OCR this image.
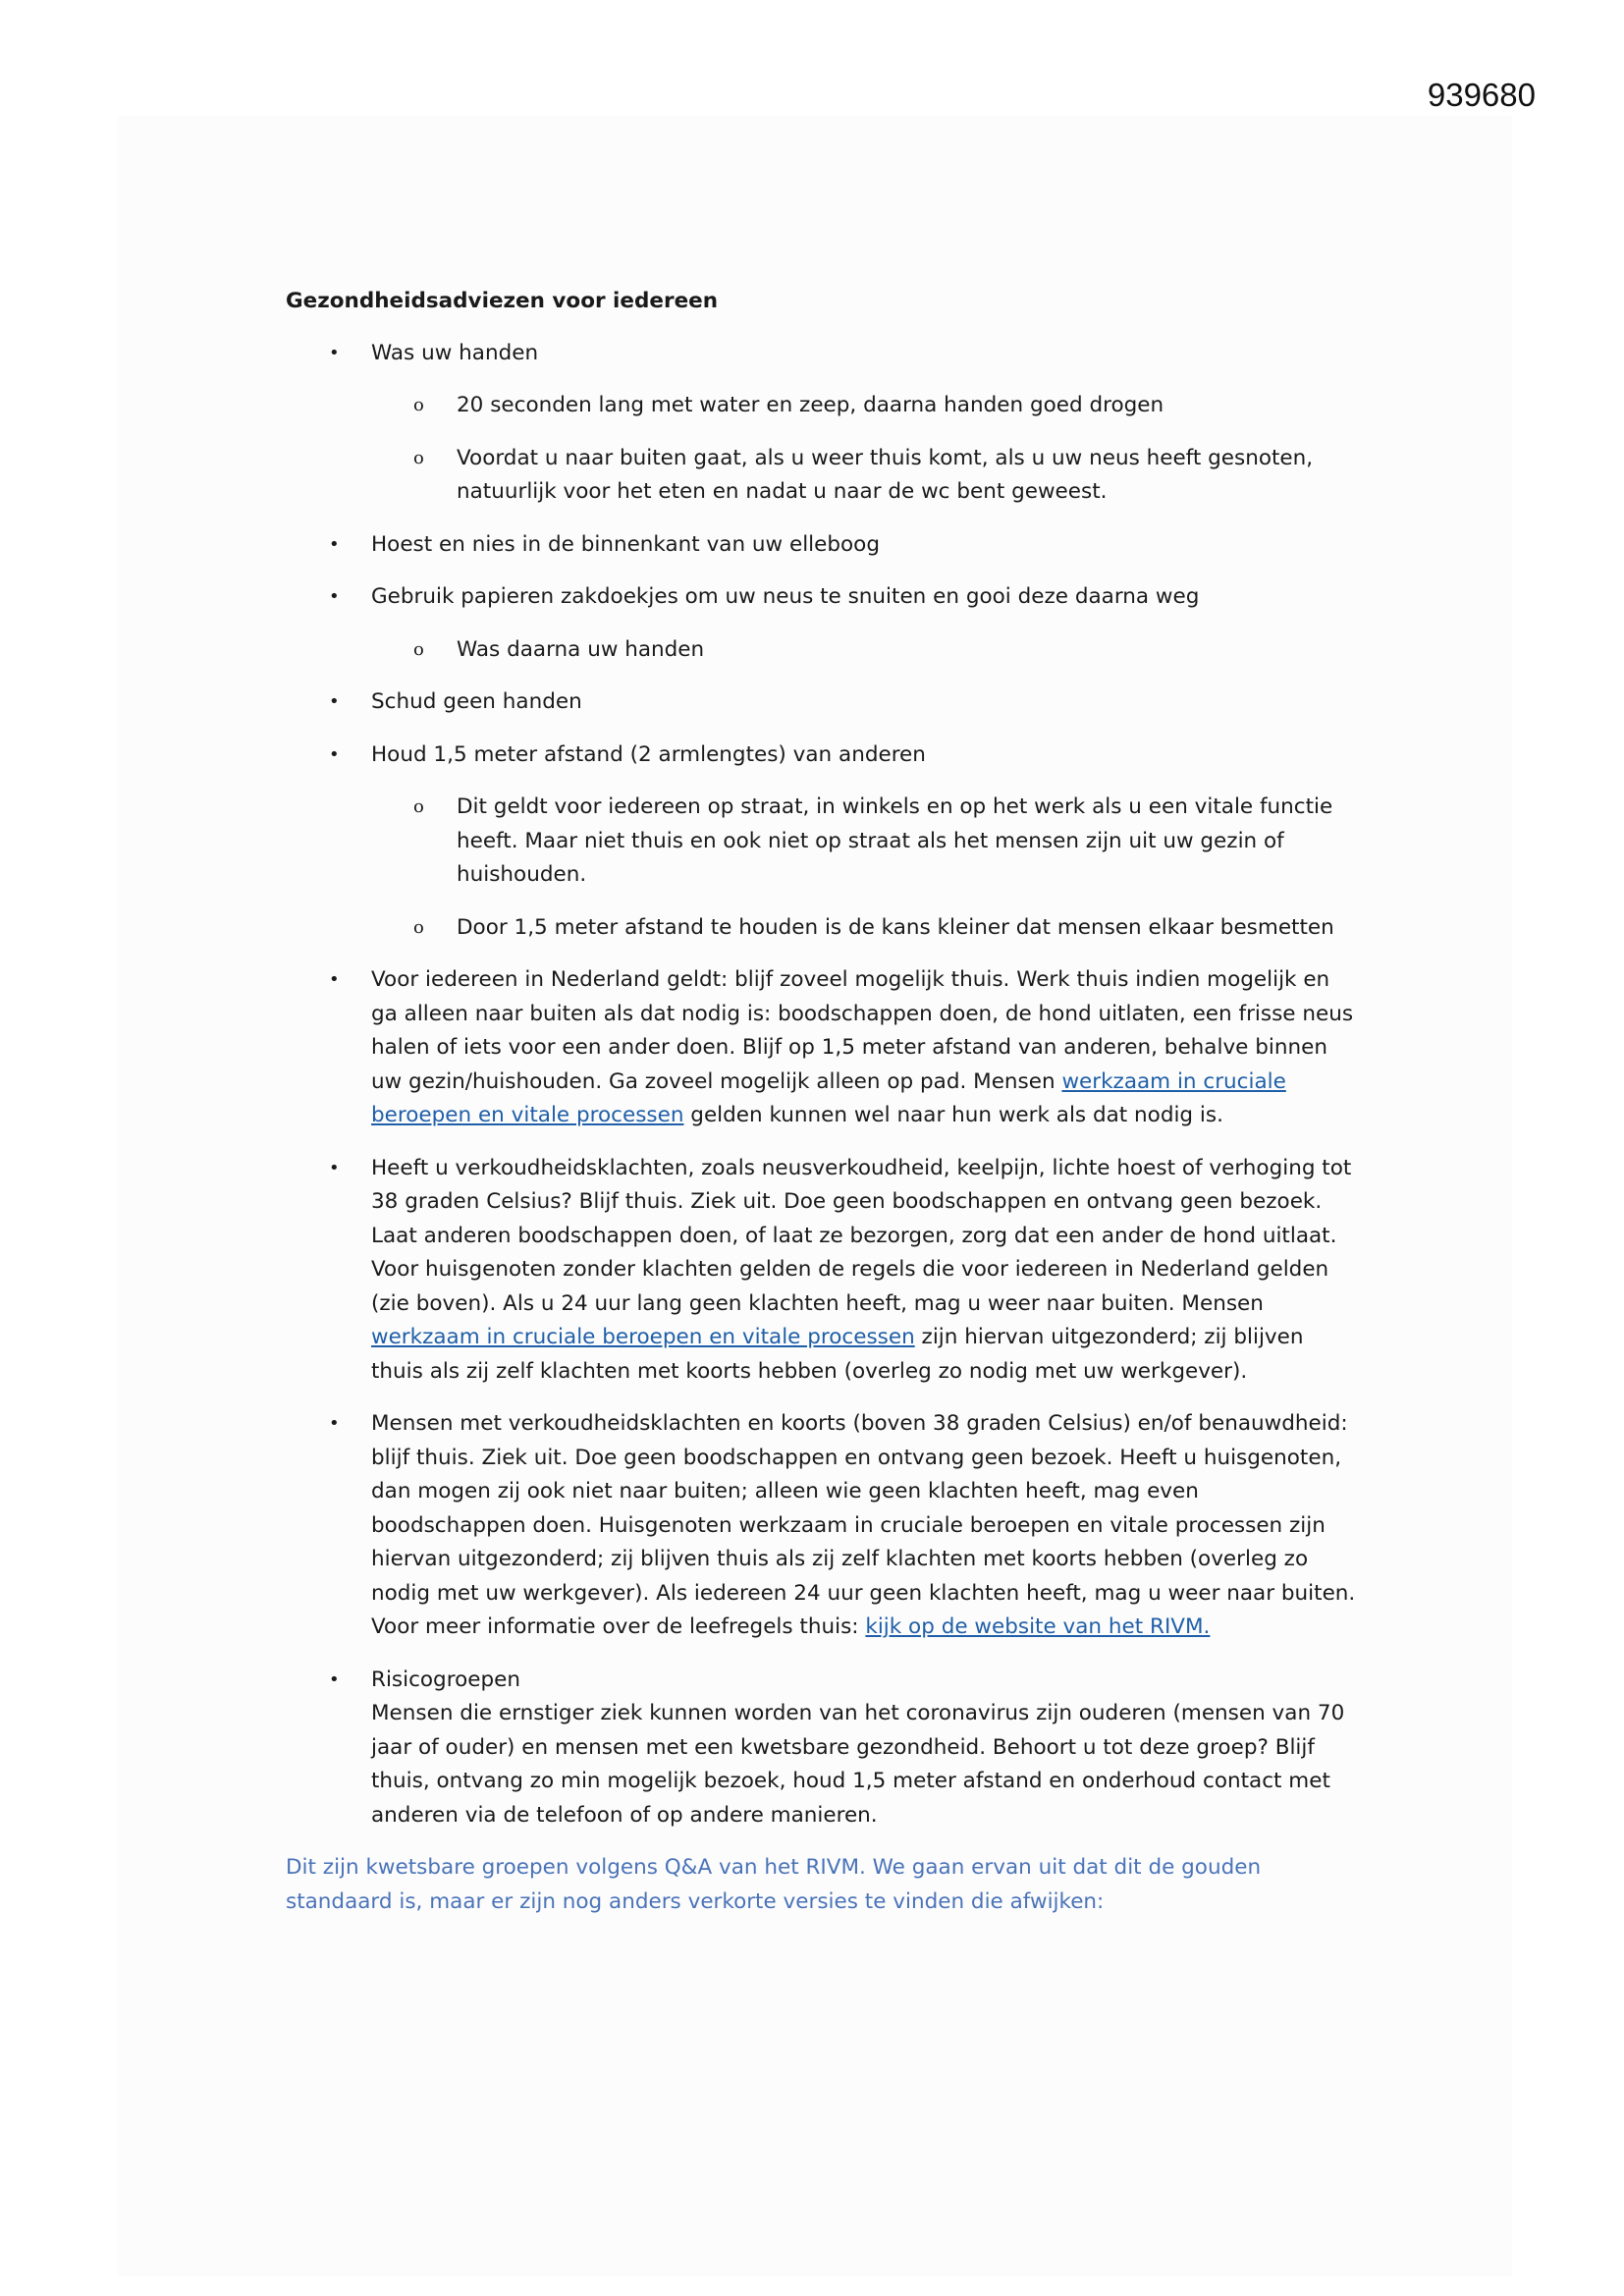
939680
Gezondheidsadviezen voor iedereen
• Was uw handen
o 20 seconden lang met water en zeep, daarna handen goed drogen
o Voordat u naar buiten gaat, als u weer thuis komt, als u uw neus heeft gesnoten, natuurlijk voor het eten en nadat u naar de wc bent geweest.
• Hoest en nies in de binnenkant van uw elleboog
• Gebruik papieren zakdoekjes om uw neus te snuiten en gooi deze daarna weg
o Was daarna uw handen
• Schud geen handen
• Houd 1,5 meter afstand (2 armlengtes) van anderen
o Dit geldt voor iedereen op straat, in winkels en op het werk als u een vitale functie heeft. Maar niet thuis en ook niet op straat als het mensen zijn uit uw gezin of huishouden.
o Door 1,5 meter afstand te houden is de kans kleiner dat mensen elkaar besmetten
• Voor iedereen in Nederland geldt: blijf zoveel mogelijk thuis. Werk thuis indien mogelijk en ga alleen naar buiten als dat nodig is: boodschappen doen, de hond uitlaten, een frisse neus halen of iets voor een ander doen. Blijf op 1,5 meter afstand van anderen, behalve binnen uw gezin/huishouden. Ga zoveel mogelijk alleen op pad. Mensen werkzaam in cruciale beroepen en vitale processen gelden kunnen wel naar hun werk als dat nodig is.
• Heeft u verkoudheidsklachten, zoals neusverkoudheid, keelpijn, lichte hoest of verhoging tot 38 graden Celsius? Blijf thuis. Ziek uit. Doe geen boodschappen en ontvang geen bezoek. Laat anderen boodschappen doen, of laat ze bezorgen, zorg dat een ander de hond uitlaat. Voor huisgenoten zonder klachten gelden de regels die voor iedereen in Nederland gelden (zie boven). Als u 24 uur lang geen klachten heeft, mag u weer naar buiten. Mensen werkzaam in cruciale beroepen en vitale processen zijn hiervan uitgezonderd; zij blijven thuis als zij zelf klachten met koorts hebben (overleg zo nodig met uw werkgever).
• Mensen met verkoudheidsklachten en koorts (boven 38 graden Celsius) en/of benauwdheid: blijf thuis. Ziek uit. Doe geen boodschappen en ontvang geen bezoek. Heeft u huisgenoten, dan mogen zij ook niet naar buiten; alleen wie geen klachten heeft, mag even boodschappen doen. Huisgenoten werkzaam in cruciale beroepen en vitale processen zijn hiervan uitgezonderd; zij blijven thuis als zij zelf klachten met koorts hebben (overleg zo nodig met uw werkgever). Als iedereen 24 uur geen klachten heeft, mag u weer naar buiten. Voor meer informatie over de leefregels thuis: kijk op de website van het RIVM.
• Risicogroepen
Mensen die ernstiger ziek kunnen worden van het coronavirus zijn ouderen (mensen van 70 jaar of ouder) en mensen met een kwetsbare gezondheid. Behoort u tot deze groep? Blijf thuis, ontvang zo min mogelijk bezoek, houd 1,5 meter afstand en onderhoud contact met anderen via de telefoon of op andere manieren.
Dit zijn kwetsbare groepen volgens Q&A van het RIVM. We gaan ervan uit dat dit de gouden standaard is, maar er zijn nog anders verkorte versies te vinden die afwijken:
